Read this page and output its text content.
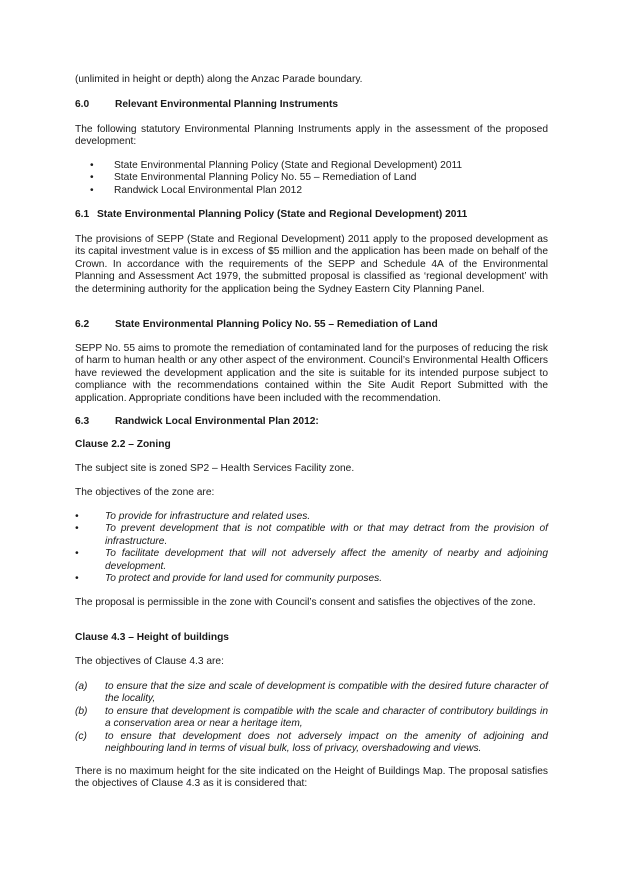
(unlimited in height or depth) along the Anzac Parade boundary.

6.0	Relevant Environmental Planning Instruments

The following statutory Environmental Planning Instruments apply in the assessment of the proposed development:

• State Environmental Planning Policy (State and Regional Development) 2011
• State Environmental Planning Policy No. 55 – Remediation of Land
• Randwick Local Environmental Plan 2012
6.1 State Environmental Planning Policy (State and Regional Development) 2011

The provisions of SEPP (State and Regional Development) 2011 apply to the proposed development as its capital investment value is in excess of $5 million and the application has been made on behalf of the Crown. In accordance with the requirements of the SEPP and Schedule 4A of the Environmental Planning and Assessment Act 1979, the submitted proposal is classified as ‘regional development’ with the determining authority for the application being the Sydney Eastern City Planning Panel.

6.2	State Environmental Planning Policy No. 55 – Remediation of Land

SEPP No. 55 aims to promote the remediation of contaminated land for the purposes of reducing the risk of harm to human health or any other aspect of the environment. Council’s Environmental Health Officers have reviewed the development application and the site is suitable for its intended purpose subject to compliance with the recommendations contained within the Site Audit Report Submitted with the application. Appropriate conditions have been included with the recommendation.

6.3	Randwick Local Environmental Plan 2012:

Clause 2.2 – Zoning

The subject site is zoned SP2 – Health Services Facility zone.

The objectives of the zone are:

• To provide for infrastructure and related uses.
• To prevent development that is not compatible with or that may detract from the provision of infrastructure.
• To facilitate development that will not adversely affect the amenity of nearby and adjoining development.
• To protect and provide for land used for community purposes.

The proposal is permissible in the zone with Council’s consent and satisfies the objectives of the zone.

Clause 4.3 – Height of buildings

The objectives of Clause 4.3 are:

(a)	to ensure that the size and scale of development is compatible with the desired future character of the locality,
(b)	to ensure that development is compatible with the scale and character of contributory buildings in a conservation area or near a heritage item,
(c)	to ensure that development does not adversely impact on the amenity of adjoining and neighbouring land in terms of visual bulk, loss of privacy, overshadowing and views.

There is no maximum height for the site indicated on the Height of Buildings Map. The proposal satisfies the objectives of Clause 4.3 as it is considered that:
